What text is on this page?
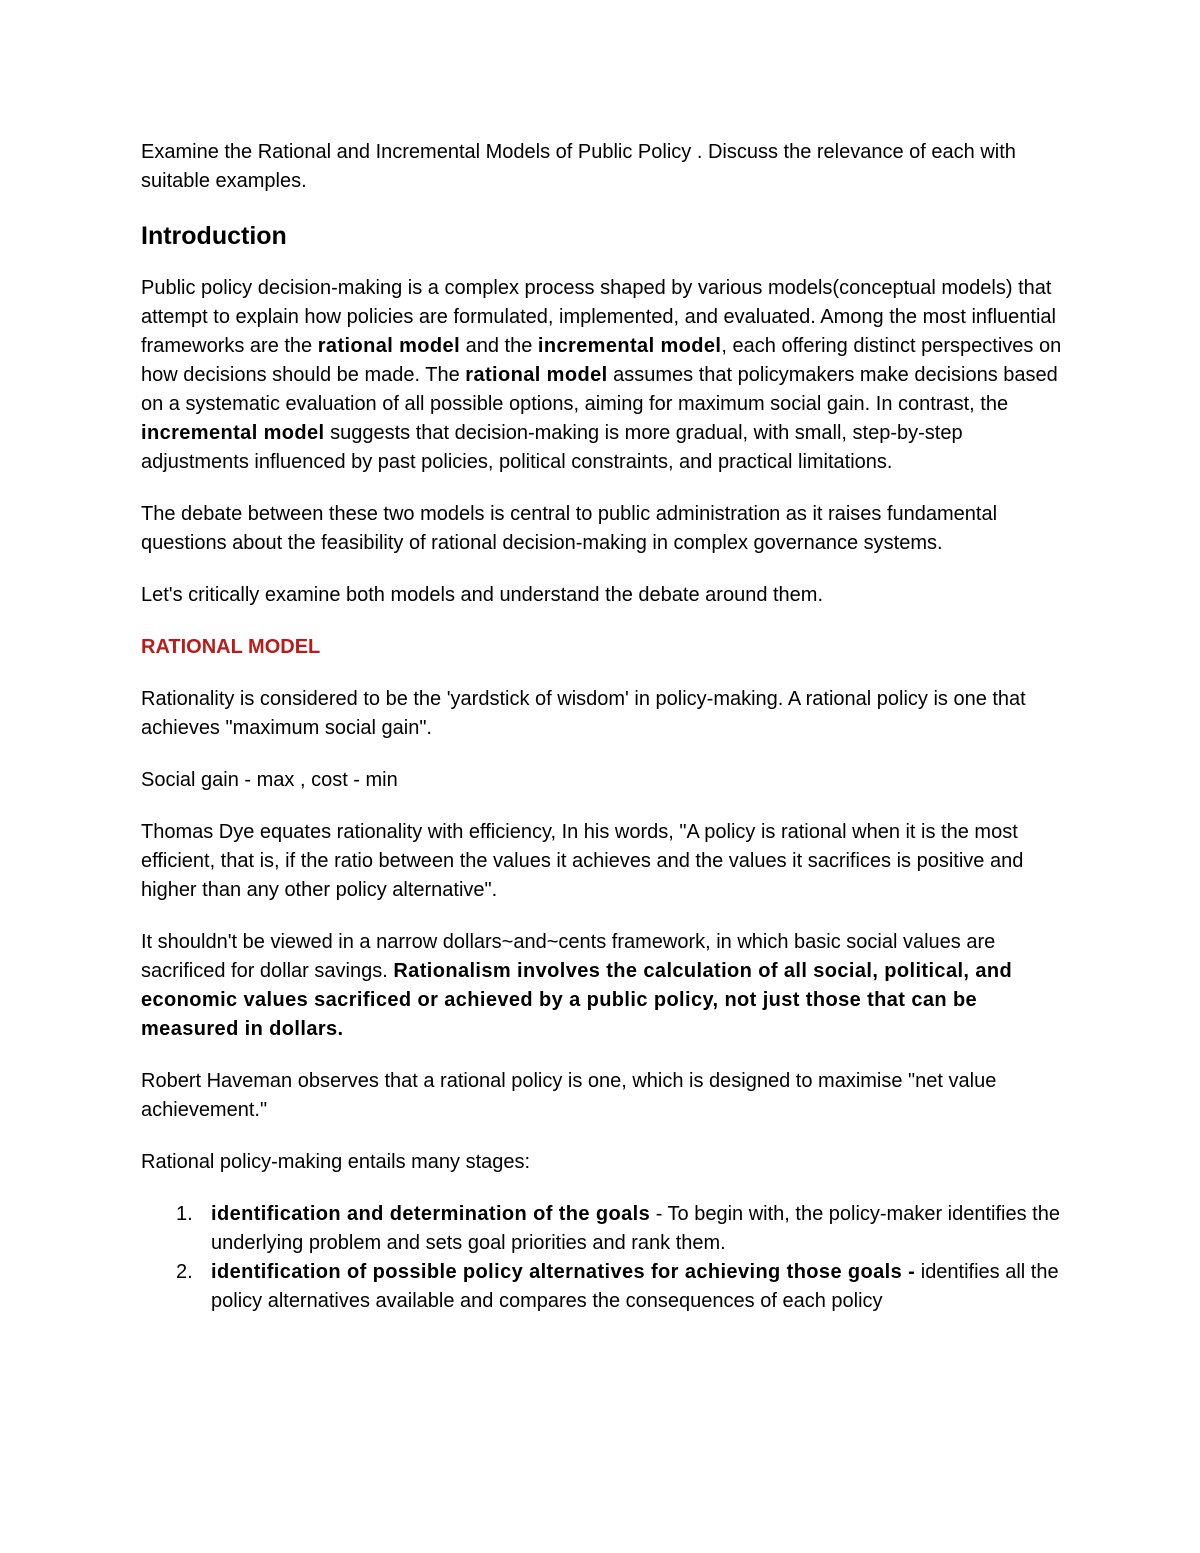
Examine the Rational and Incremental Models of Public Policy . Discuss the relevance of each with suitable examples.

Introduction

Public policy decision-making is a complex process shaped by various models(conceptual models) that attempt to explain how policies are formulated, implemented, and evaluated. Among the most influential frameworks are the rational model and the incremental model, each offering distinct perspectives on how decisions should be made. The rational model assumes that policymakers make decisions based on a systematic evaluation of all possible options, aiming for maximum social gain. In contrast, the incremental model suggests that decision-making is more gradual, with small, step-by-step adjustments influenced by past policies, political constraints, and practical limitations.

The debate between these two models is central to public administration as it raises fundamental questions about the feasibility of rational decision-making in complex governance systems.

Let's critically examine both models and understand the debate around them.

RATIONAL MODEL

Rationality is considered to be the 'yardstick of wisdom' in policy-making. A rational policy is one that achieves "maximum social gain".

Social gain - max , cost - min

Thomas Dye equates rationality with efficiency, In his words, "A policy is rational when it is the most efficient, that is, if the ratio between the values it achieves and the values it sacrifices is positive and higher than any other policy alternative".

It shouldn't be viewed in a narrow dollars~and~cents framework, in which basic social values are sacrificed for dollar savings. Rationalism involves the calculation of all social, political, and economic values sacrificed or achieved by a public policy, not just those that can be measured in dollars.

Robert Haveman observes that a rational policy is one, which is designed to maximise "net value achievement."

Rational policy-making entails many stages:

1. identification and determination of the goals - To begin with, the policy-maker identifies the underlying problem and sets goal priorities and rank them.
2. identification of possible policy alternatives for achieving those goals - identifies all the policy alternatives available and compares the consequences of each policy
